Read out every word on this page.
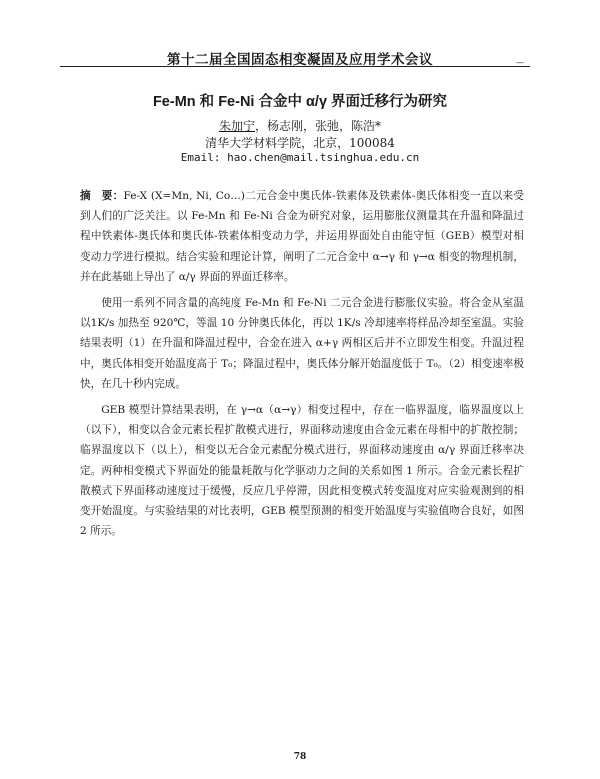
第十二届全国固态相变凝固及应用学术会议	—
Fe-Mn 和 Fe-Ni 合金中 α/γ 界面迁移行为研究
朱加宁，杨志刚，张弛，陈浩*
清华大学材料学院，北京，100084
Email: hao.chen@mail.tsinghua.edu.cn

摘　要：Fe-X (X=Mn, Ni, Co…)二元合金中奥氏体-铁素体及铁素体-奥氏体相变一直以来受到人们的广泛关注。以 Fe-Mn 和 Fe-Ni 合金为研究对象，运用膨胀仪测量其在升温和降温过程中铁素体-奥氏体和奥氏体-铁素体相变动力学，并运用界面处自由能守恒（GEB）模型对相变动力学进行模拟。结合实验和理论计算，阐明了二元合金中 α→γ 和 γ→α 相变的物理机制，并在此基础上导出了 α/γ 界面的界面迁移率。

使用一系列不同含量的高纯度 Fe-Mn 和 Fe-Ni 二元合金进行膨胀仪实验。将合金从室温以1K/s 加热至 920℃，等温 10 分钟奥氏体化，再以 1K/s 冷却速率将样品冷却至室温。实验结果表明（1）在升温和降温过程中，合金在进入 α+γ 两相区后并不立即发生相变。升温过程中，奥氏体相变开始温度高于 T₀；降温过程中，奥氏体分解开始温度低于 T₀。（2）相变速率极快，在几十秒内完成。

GEB 模型计算结果表明，在 γ→α（α→γ）相变过程中，存在一临界温度，临界温度以上（以下），相变以合金元素长程扩散模式进行，界面移动速度由合金元素在母相中的扩散控制；临界温度以下（以上），相变以无合金元素配分模式进行，界面移动速度由 α/γ 界面迁移率决定。两种相变模式下界面处的能量耗散与化学驱动力之间的关系如图 1 所示。合金元素长程扩散模式下界面移动速度过于缓慢，反应几乎停滞，因此相变模式转变温度对应实验观测到的相变开始温度。与实验结果的对比表明，GEB 模型预测的相变开始温度与实验值吻合良好，如图 2 所示。

78
